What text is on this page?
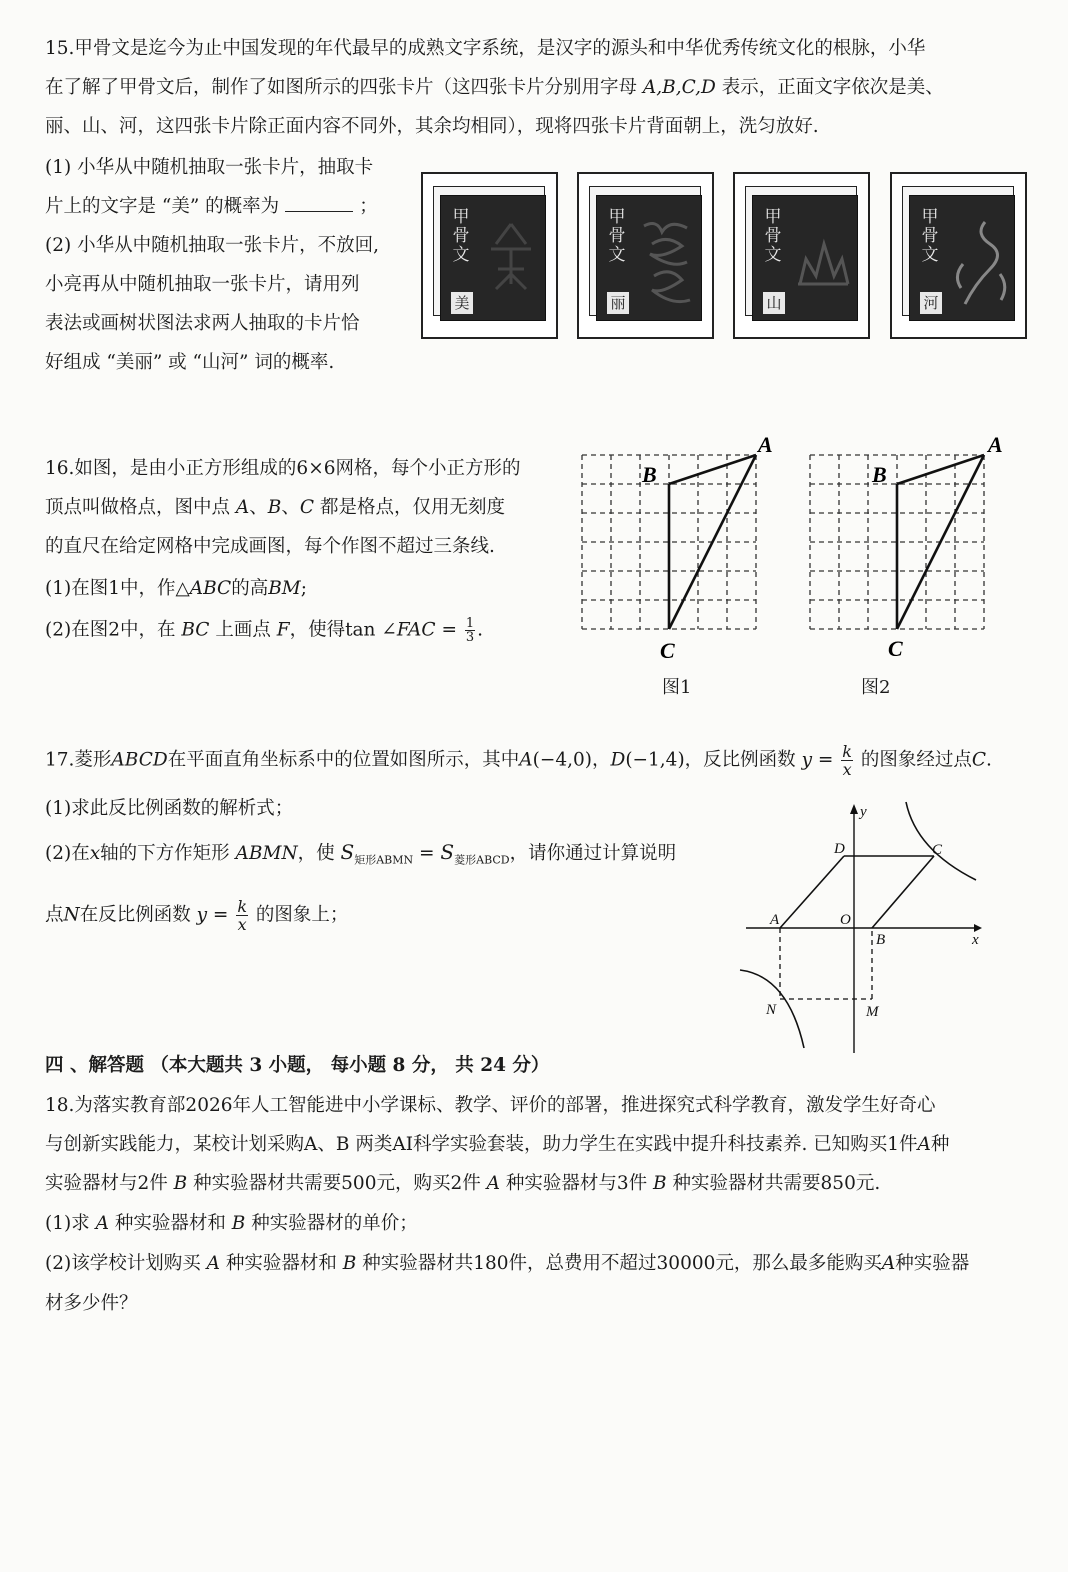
15.甲骨文是迄今为止中国发现的年代最早的成熟文字系统，是汉字的源头和中华优秀传统文化的根脉，小华
在了解了甲骨文后，制作了如图所示的四张卡片（这四张卡片分别用字母 A,B,C,D 表示，正面文字依次是美、
丽、山、河，这四张卡片除正面内容不同外，其余均相同），现将四张卡片背面朝上，洗匀放好.
(1) 小华从中随机抽取一张卡片，抽取卡
片上的文字是 “美” 的概率为	；
(2) 小华从中随机抽取一张卡片，不放回,
小亮再从中随机抽取一张卡片，请用列
表法或画树状图法求两人抽取的卡片恰
好组成 “美丽” 或 “山河” 词的概率.
甲骨文
美
甲骨文
丽
甲骨文
山
甲骨文
河
16.如图，是由小正方形组成的6×6网格，每个小正方形的
顶点叫做格点，图中点 A、B、C 都是格点，仅用无刻度
的直尺在给定网格中完成画图，每个作图不超过三条线.
(1)在图1中，作△ABC的高BM;
(2)在图2中，在 BC 上画点 F，使得tan ∠FAC = $\frac{1}{3}$ .
A
B
C
图1
A
B
C
图2
17.菱形ABCD在平面直角坐标系中的位置如图所示，其中A(−4,0)，D(−1,4)，反比例函数 $y = \frac{k}{x}$ 的图象经过点C.
(1)求此反比例函数的解析式；
(2)在x轴的下方作矩形 ABMN，使 $S_{矩形ABMN} = S_{菱形ABCD}$，请你通过计算说明
点N在反比例函数 $y = \frac{k}{x}$ 的图象上；
y
x
D	C
A	O
B
N	M
四 、解答题 （本大题共 3 小题， 每小题 8 分， 共 24 分）
18.为落实教育部2026年人工智能进中小学课标、教学、评价的部署，推进探究式科学教育，激发学生好奇心
与创新实践能力，某校计划采购A、B 两类AI科学实验套装，助力学生在实践中提升科技素养. 已知购买1件A种
实验器材与2件 B 种实验器材共需要500元，购买2件 A 种实验器材与3件 B 种实验器材共需要850元.
(1)求 A 种实验器材和 B 种实验器材的单价；
(2)该学校计划购买 A 种实验器材和 B 种实验器材共180件，总费用不超过30000元，那么最多能购买A种实验器
材多少件？
